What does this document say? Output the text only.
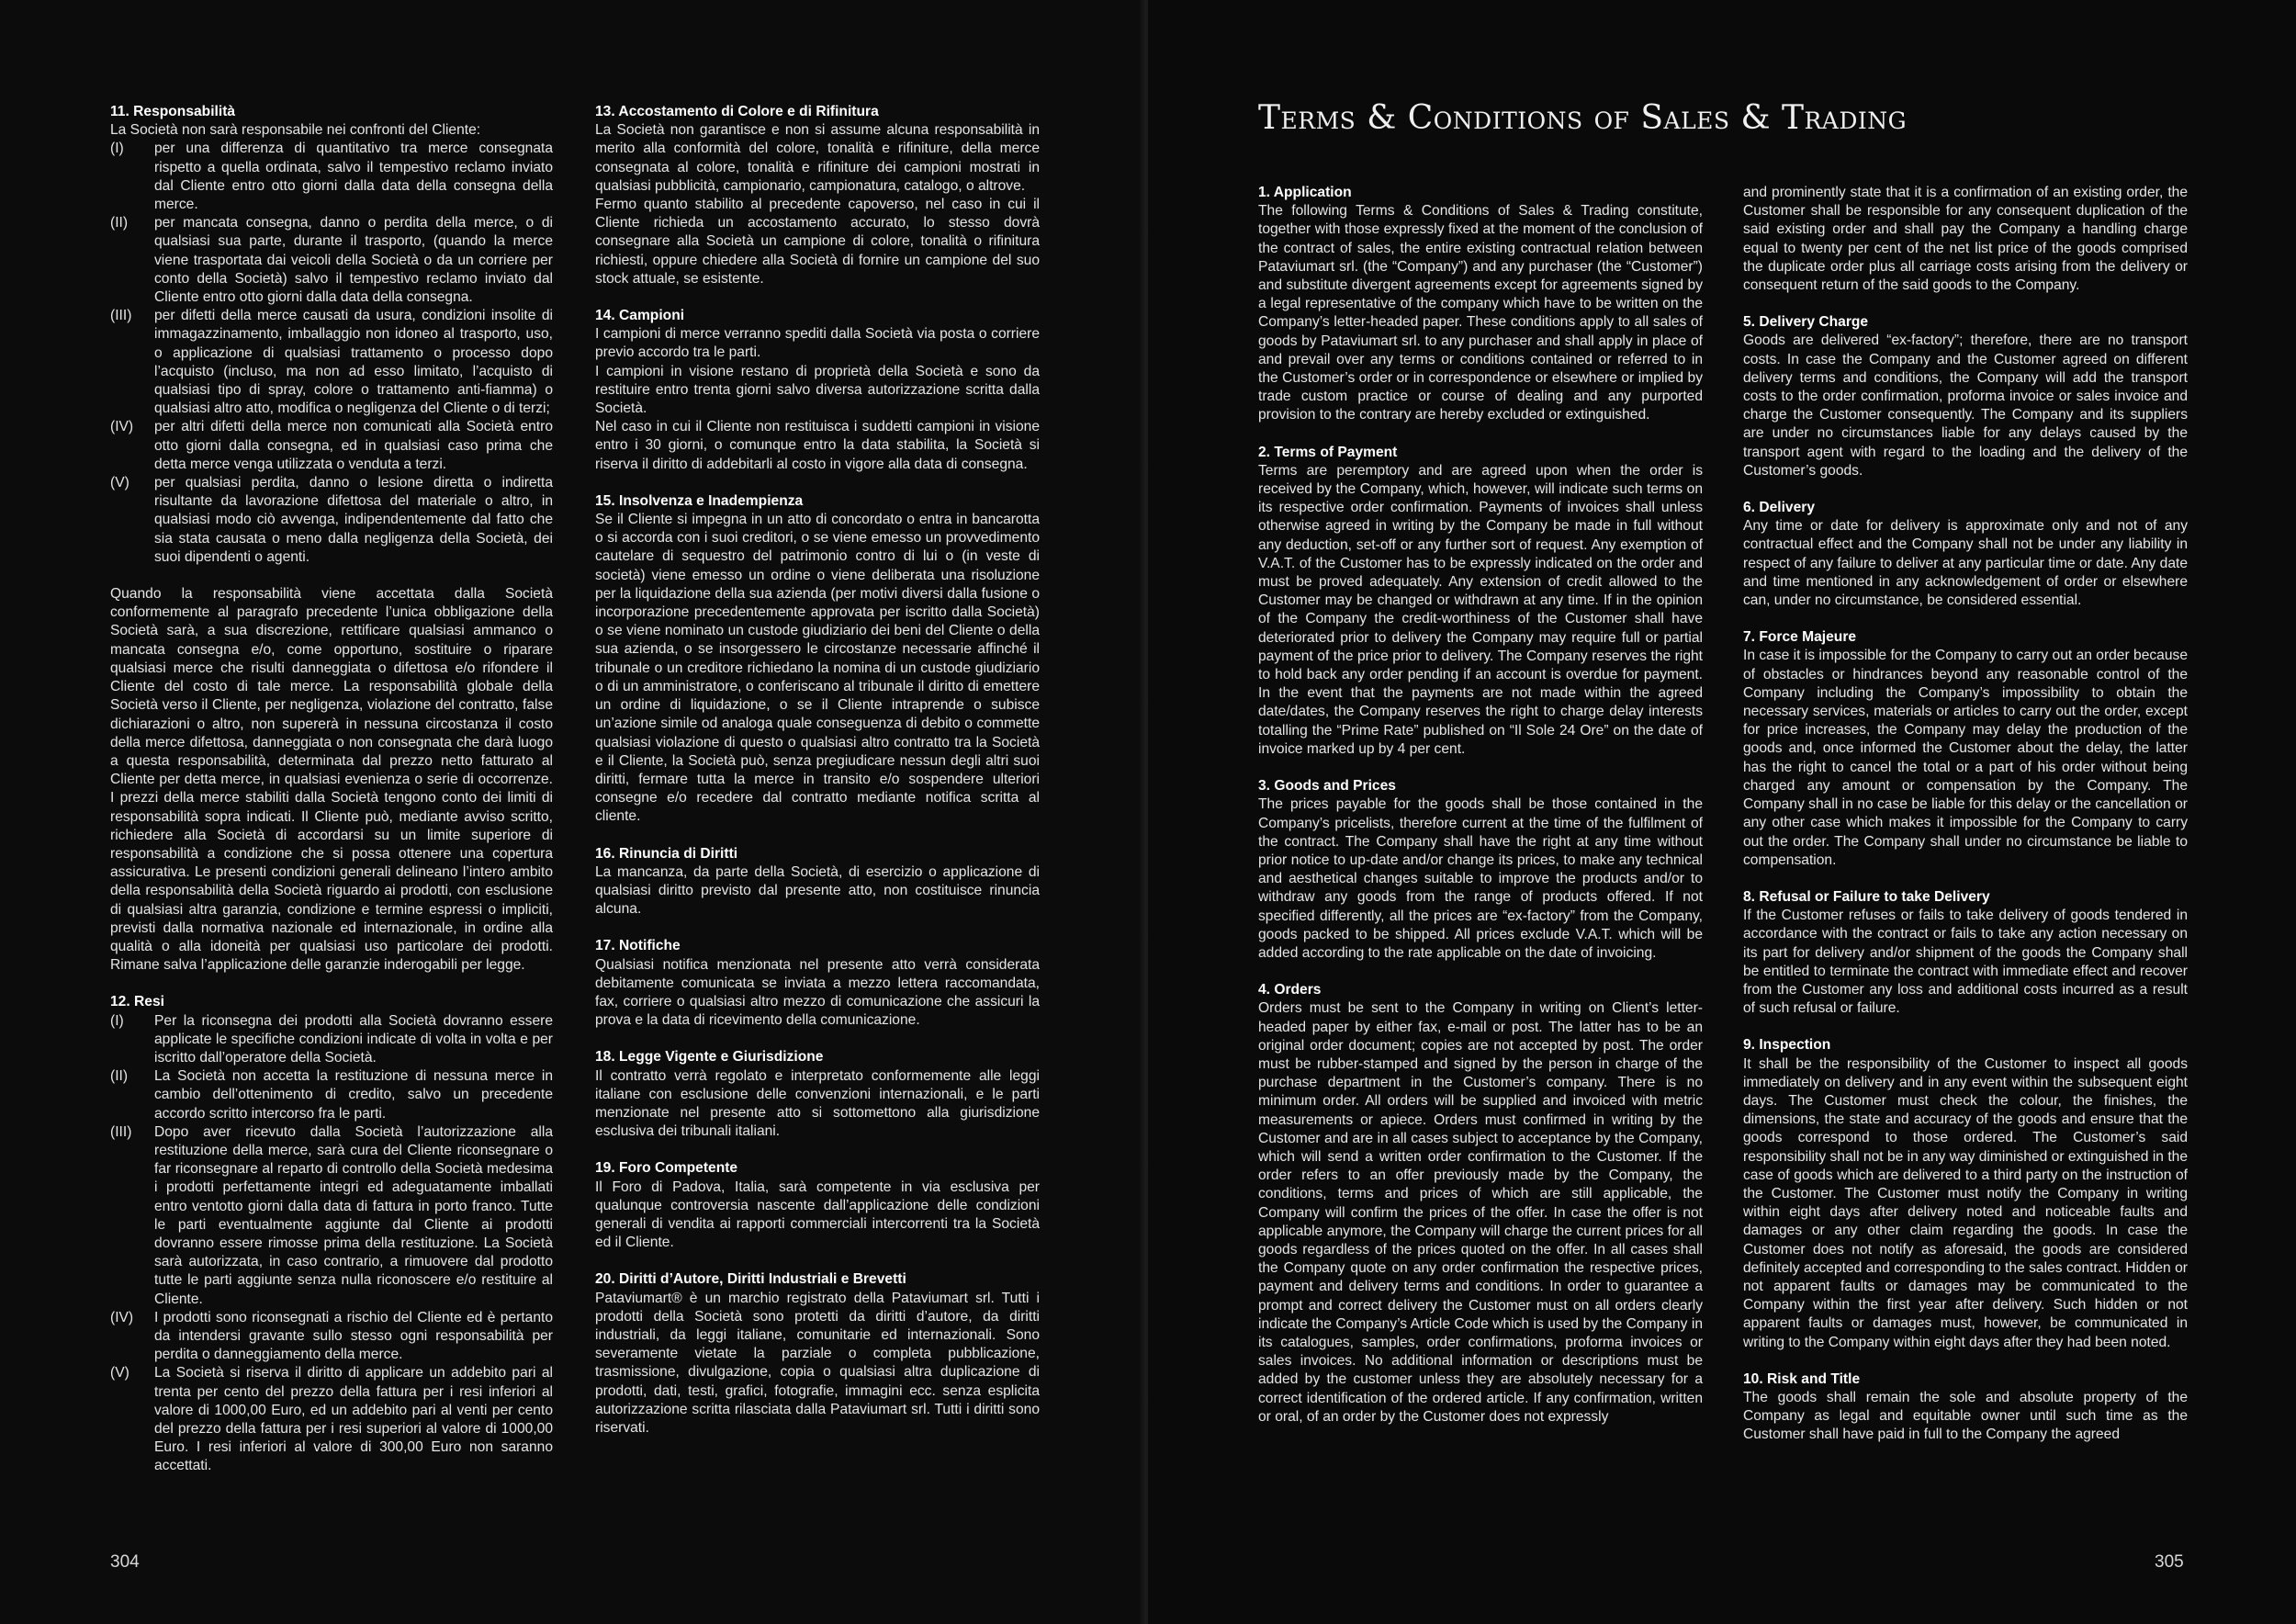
11. Responsabilità

La Società non sarà responsabile nei confronti del Cliente:

(I)	per una differenza di quantitativo tra merce consegnata rispetto a quella ordinata, salvo il tempestivo reclamo inviato dal Cliente entro otto giorni dalla data della consegna della merce.
(II)	per mancata consegna, danno o perdita della merce, o di qualsiasi sua parte, durante il trasporto, (quando la merce viene trasportata dai veicoli della Società o da un corriere per conto della Società) salvo il tempestivo reclamo inviato dal Cliente entro otto giorni dalla data della consegna.
(III)	per difetti della merce causati da usura, condizioni insolite di immagazzinamento, imballaggio non idoneo al trasporto, uso, o applicazione di qualsiasi trattamento o processo dopo l’acquisto (incluso, ma non ad esso limitato, l’acquisto di qualsiasi tipo di spray, colore o trattamento anti-fiamma) o qualsiasi altro atto, modifica o negligenza del Cliente o di terzi;
(IV)	per altri difetti della merce non comunicati alla Società entro otto giorni dalla consegna, ed in qualsiasi caso prima che detta merce venga utilizzata o venduta a terzi.
(V)	per qualsiasi perdita, danno o lesione diretta o indiretta risultante da lavorazione difettosa del materiale o altro, in qualsiasi modo ciò avvenga, indipendentemente dal fatto che sia stata causata o meno dalla negligenza della Società, dei suoi dipendenti o agenti.

Quando la responsabilità viene accettata dalla Società conformemente al paragrafo precedente l’unica obbligazione della Società sarà, a sua discrezione, rettificare qualsiasi ammanco o mancata consegna e/o, come opportuno, sostituire o riparare qualsiasi merce che risulti danneggiata o difettosa e/o rifondere il Cliente del costo di tale merce. La responsabilità globale della Società verso il Cliente, per negligenza, violazione del contratto, false dichiarazioni o altro, non supererà in nessuna circostanza il costo della merce difettosa, danneggiata o non consegnata che darà luogo a questa responsabilità, determinata dal prezzo netto fatturato al Cliente per detta merce, in qualsiasi evenienza o serie di occorrenze. I prezzi della merce stabiliti dalla Società tengono conto dei limiti di responsabilità sopra indicati. Il Cliente può, mediante avviso scritto, richiedere alla Società di accordarsi su un limite superiore di responsabilità a condizione che si possa ottenere una copertura assicurativa. Le presenti condizioni generali delineano l’intero ambito della responsabilità della Società riguardo ai prodotti, con esclusione di qualsiasi altra garanzia, condizione e termine espressi o impliciti, previsti dalla normativa nazionale ed internazionale, in ordine alla qualità o alla idoneità per qualsiasi uso particolare dei prodotti. Rimane salva l’applicazione delle garanzie inderogabili per legge.

12. Resi
(I)	Per la riconsegna dei prodotti alla Società dovranno essere applicate le specifiche condizioni indicate di volta in volta e per iscritto dall’operatore della Società.
(II)	La Società non accetta la restituzione di nessuna merce in cambio dell’ottenimento di credito, salvo un precedente accordo scritto intercorso fra le parti.
(III)	Dopo aver ricevuto dalla Società l’autorizzazione alla restituzione della merce, sarà cura del Cliente riconsegnare o far riconsegnare al reparto di controllo della Società medesima i prodotti perfettamente integri ed adeguatamente imballati entro ventotto giorni dalla data di fattura in porto franco. Tutte le parti eventualmente aggiunte dal Cliente ai prodotti dovranno essere rimosse prima della restituzione. La Società sarà autorizzata, in caso contrario, a rimuovere dal prodotto tutte le parti aggiunte senza nulla riconoscere e/o restituire al Cliente.
(IV)	I prodotti sono riconsegnati a rischio del Cliente ed è pertanto da intendersi gravante sullo stesso ogni responsabilità per perdita o danneggiamento della merce.
(V)	La Società si riserva il diritto di applicare un addebito pari al trenta per cento del prezzo della fattura per i resi inferiori al valore di 1000,00 Euro, ed un addebito pari al venti per cento del prezzo della fattura per i resi superiori al valore di 1000,00 Euro. I resi inferiori al valore di 300,00 Euro non saranno accettati.
13. Accostamento di Colore e di Rifinitura

La Società non garantisce e non si assume alcuna responsabilità in merito alla conformità del colore, tonalità e rifiniture, della merce consegnata al colore, tonalità e rifiniture dei campioni mostrati in qualsiasi pubblicità, campionario, campionatura, catalogo, o altrove.

Fermo quanto stabilito al precedente capoverso, nel caso in cui il Cliente richieda un accostamento accurato, lo stesso dovrà consegnare alla Società un campione di colore, tonalità o rifinitura richiesti, oppure chiedere alla Società di fornire un campione del suo stock attuale, se esistente.

14. Campioni

I campioni di merce verranno spediti dalla Società via posta o corriere previo accordo tra le parti.

I campioni in visione restano di proprietà della Società e sono da restituire entro trenta giorni salvo diversa autorizzazione scritta dalla Società.

Nel caso in cui il Cliente non restituisca i suddetti campioni in visione entro i 30 giorni, o comunque entro la data stabilita, la Società si riserva il diritto di addebitarli al costo in vigore alla data di consegna.

15. Insolvenza e Inadempienza

Se il Cliente si impegna in un atto di concordato o entra in bancarotta o si accorda con i suoi creditori, o se viene emesso un provvedimento cautelare di sequestro del patrimonio contro di lui o (in veste di società) viene emesso un ordine o viene deliberata una risoluzione per la liquidazione della sua azienda (per motivi diversi dalla fusione o incorporazione precedentemente approvata per iscritto dalla Società) o se viene nominato un custode giudiziario dei beni del Cliente o della sua azienda, o se insorgessero le circostanze necessarie affinché il tribunale o un creditore richiedano la nomina di un custode giudiziario o di un amministratore, o conferiscano al tribunale il diritto di emettere un ordine di liquidazione, o se il Cliente intraprende o subisce un’azione simile od analoga quale conseguenza di debito o commette qualsiasi violazione di questo o qualsiasi altro contratto tra la Società e il Cliente, la Società può, senza pregiudicare nessun degli altri suoi diritti, fermare tutta la merce in transito e/o sospendere ulteriori consegne e/o recedere dal contratto mediante notifica scritta al cliente.

16. Rinuncia di Diritti

La mancanza, da parte della Società, di esercizio o applicazione di qualsiasi diritto previsto dal presente atto, non costituisce rinuncia alcuna.

17. Notifiche

Qualsiasi notifica menzionata nel presente atto verrà considerata debitamente comunicata se inviata a mezzo lettera raccomandata, fax, corriere o qualsiasi altro mezzo di comunicazione che assicuri la prova e la data di ricevimento della comunicazione.

18. Legge Vigente e Giurisdizione

Il contratto verrà regolato e interpretato conformemente alle leggi italiane con esclusione delle convenzioni internazionali, e le parti menzionate nel presente atto si sottomettono alla giurisdizione esclusiva dei tribunali italiani.

19. Foro Competente

Il Foro di Padova, Italia, sarà competente in via esclusiva per qualunque controversia nascente dall’applicazione delle condizioni generali di vendita ai rapporti commerciali intercorrenti tra la Società ed il Cliente.

20. Diritti d’Autore, Diritti Industriali e Brevetti

Pataviumart® è un marchio registrato della Pataviumart srl. Tutti i prodotti della Società sono protetti da diritti d’autore, da diritti industriali, da leggi italiane, comunitarie ed internazionali. Sono severamente vietate la parziale o completa pubblicazione, trasmissione, divulgazione, copia o qualsiasi altra duplicazione di prodotti, dati, testi, grafici, fotografie, immagini ecc. senza esplicita autorizzazione scritta rilasciata dalla Pataviumart srl. Tutti i diritti sono riservati.

304
Terms & Conditions of Sales & Trading
1. Application

The following Terms & Conditions of Sales & Trading constitute, together with those expressly fixed at the moment of the conclusion of the contract of sales, the entire existing contractual relation between Pataviumart srl. (the “Company”) and any purchaser (the “Customer”) and substitute divergent agreements except for agreements signed by a legal representative of the company which have to be written on the Company’s letter-headed paper. These conditions apply to all sales of goods by Pataviumart srl. to any purchaser and shall apply in place of and prevail over any terms or conditions contained or referred to in the Customer’s order or in correspondence or elsewhere or implied by trade custom practice or course of dealing and any purported provision to the contrary are hereby excluded or extinguished.

2. Terms of Payment

Terms are peremptory and are agreed upon when the order is received by the Company, which, however, will indicate such terms on its respective order confirmation. Payments of invoices shall unless otherwise agreed in writing by the Company be made in full without any deduction, set-off or any further sort of request. Any exemption of V.A.T. of the Customer has to be expressly indicated on the order and must be proved adequately. Any extension of credit allowed to the Customer may be changed or withdrawn at any time. If in the opinion of the Company the credit-worthiness of the Customer shall have deteriorated prior to delivery the Company may require full or partial payment of the price prior to delivery. The Company reserves the right to hold back any order pending if an account is overdue for payment. In the event that the payments are not made within the agreed date/dates, the Company reserves the right to charge delay interests totalling the “Prime Rate” published on “Il Sole 24 Ore” on the date of invoice marked up by 4 per cent.

3. Goods and Prices

The prices payable for the goods shall be those contained in the Company’s pricelists, therefore current at the time of the fulfilment of the contract. The Company shall have the right at any time without prior notice to up-date and/or change its prices, to make any technical and aesthetical changes suitable to improve the products and/or to withdraw any goods from the range of products offered. If not specified differently, all the prices are “ex-factory” from the Company, goods packed to be shipped. All prices exclude V.A.T. which will be added according to the rate applicable on the date of invoicing.

4. Orders

Orders must be sent to the Company in writing on Client’s letter-headed paper by either fax, e-mail or post. The latter has to be an original order document; copies are not accepted by post. The order must be rubber-stamped and signed by the person in charge of the purchase department in the Customer’s company. There is no minimum order. All orders will be supplied and invoiced with metric measurements or apiece. Orders must confirmed in writing by the Customer and are in all cases subject to acceptance by the Company, which will send a written order confirmation to the Customer. If the order refers to an offer previously made by the Company, the conditions, terms and prices of which are still applicable, the Company will confirm the prices of the offer. In case the offer is not applicable anymore, the Company will charge the current prices for all goods regardless of the prices quoted on the offer. In all cases shall the Company quote on any order confirmation the respective prices, payment and delivery terms and conditions. In order to guarantee a prompt and correct delivery the Customer must on all orders clearly indicate the Company’s Article Code which is used by the Company in its catalogues, samples, order confirmations, proforma invoices or sales invoices. No additional information or descriptions must be added by the customer unless they are absolutely necessary for a correct identification of the ordered article. If any confirmation, written or oral, of an order by the Customer does not expressly

and prominently state that it is a confirmation of an existing order, the Customer shall be responsible for any consequent duplication of the said existing order and shall pay the Company a handling charge equal to twenty per cent of the net list price of the goods comprised the duplicate order plus all carriage costs arising from the delivery or consequent return of the said goods to the Company.

5. Delivery Charge

Goods are delivered “ex-factory”; therefore, there are no transport costs. In case the Company and the Customer agreed on different delivery terms and conditions, the Company will add the transport costs to the order confirmation, proforma invoice or sales invoice and charge the Customer consequently. The Company and its suppliers are under no circumstances liable for any delays caused by the transport agent with regard to the loading and the delivery of the Customer’s goods.

6. Delivery

Any time or date for delivery is approximate only and not of any contractual effect and the Company shall not be under any liability in respect of any failure to deliver at any particular time or date. Any date and time mentioned in any acknowledgement of order or elsewhere can, under no circumstance, be considered essential.

7. Force Majeure

In case it is impossible for the Company to carry out an order because of obstacles or hindrances beyond any reasonable control of the Company including the Company’s impossibility to obtain the necessary services, materials or articles to carry out the order, except for price increases, the Company may delay the production of the goods and, once informed the Customer about the delay, the latter has the right to cancel the total or a part of his order without being charged any amount or compensation by the Company. The Company shall in no case be liable for this delay or the cancellation or any other case which makes it impossible for the Company to carry out the order. The Company shall under no circumstance be liable to compensation.

8. Refusal or Failure to take Delivery

If the Customer refuses or fails to take delivery of goods tendered in accordance with the contract or fails to take any action necessary on its part for delivery and/or shipment of the goods the Company shall be entitled to terminate the contract with immediate effect and recover from the Customer any loss and additional costs incurred as a result of such refusal or failure.

9. Inspection

It shall be the responsibility of the Customer to inspect all goods immediately on delivery and in any event within the subsequent eight days. The Customer must check the colour, the finishes, the dimensions, the state and accuracy of the goods and ensure that the goods correspond to those ordered. The Customer’s said responsibility shall not be in any way diminished or extinguished in the case of goods which are delivered to a third party on the instruction of the Customer. The Customer must notify the Company in writing within eight days after delivery noted and noticeable faults and damages or any other claim regarding the goods. In case the Customer does not notify as aforesaid, the goods are considered definitely accepted and corresponding to the sales contract. Hidden or not apparent faults or damages may be communicated to the Company within the first year after delivery. Such hidden or not apparent faults or damages must, however, be communicated in writing to the Company within eight days after they had been noted.

10. Risk and Title

The goods shall remain the sole and absolute property of the Company as legal and equitable owner until such time as the Customer shall have paid in full to the Company the agreed

305
